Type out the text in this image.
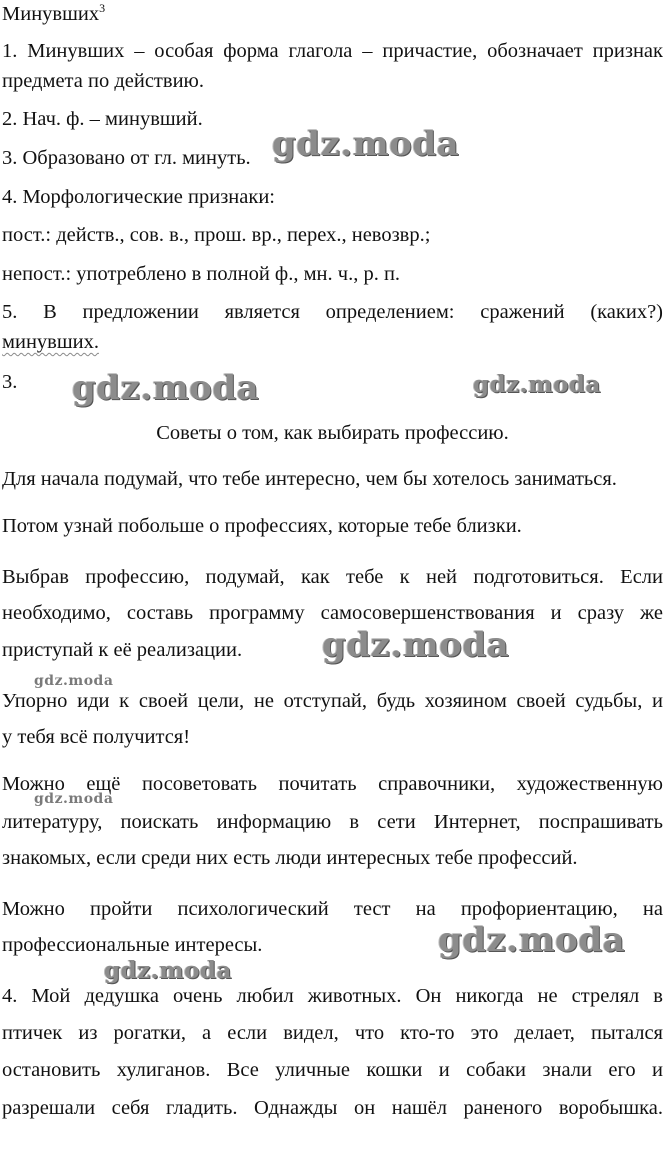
Минувших$^3$
1. Минувших – особая форма глагола – причастие, обозначает признак
предмета по действию.
2. Нач. ф. – минувший.
3. Образовано от гл. минуть.
4. Морфологические признаки:
пост.: действ., сов. в., прош. вр., перех., невозвр.;
непост.: употреблено в полной ф., мн. ч., р. п.
5. В предложении является определением: сражений (каких?)
минувших.
3.
Советы о том, как выбирать профессию.
Для начала подумай, что тебе интересно, чем бы хотелось заниматься.
Потом узнай побольше о профессиях, которые тебе близки.
Выбрав профессию, подумай, как тебе к ней подготовиться. Если
необходимо, составь программу самосовершенствования и сразу же
приступай к её реализации.
Упорно иди к своей цели, не отступай, будь хозяином своей судьбы, и
у тебя всё получится!
Можно ещё посоветовать почитать справочники, художественную
литературу, поискать информацию в сети Интернет, поспрашивать
знакомых, если среди них есть люди интересных тебе профессий.
Можно пройти психологический тест на профориентацию, на
профессиональные интересы.
4. Мой дедушка очень любил животных. Он никогда не стрелял в
птичек из рогатки, а если видел, что кто-то это делает, пытался
остановить хулиганов. Все уличные кошки и собаки знали его и
разрешали себя гладить. Однажды он нашёл раненого воробышка.
gdz.moda
gdz.moda	gdz.moda
gdz.moda
gdz.moda
gdz.moda
gdz.moda
gdz.moda
